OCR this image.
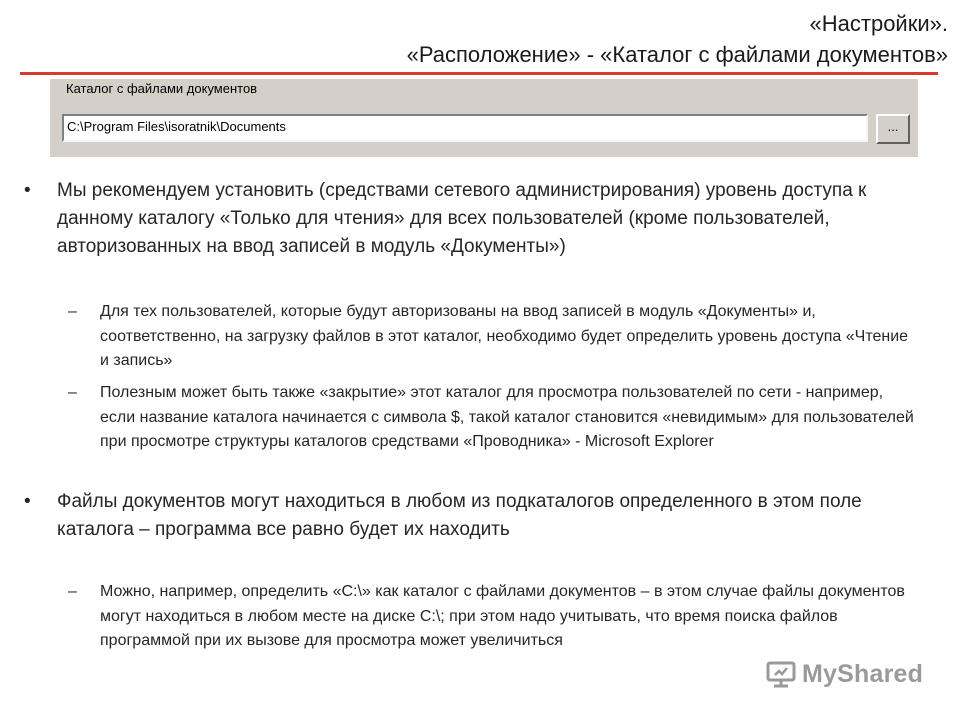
«Настройки».
«Расположение» - «Каталог с файлами документов»
Каталог с файлами документов
C:\Program Files\isoratnik\Documents	...
• Мы рекомендуем установить (средствами сетевого администрирования) уровень доступа к данному каталогу «Только для чтения» для всех пользователей (кроме пользователей, авторизованных на ввод записей в модуль «Документы»)
– Для тех пользователей, которые будут авторизованы на ввод записей в модуль «Документы» и, соответственно, на загрузку файлов в этот каталог, необходимо будет определить уровень доступа «Чтение и запись»
– Полезным может быть также «закрытие» этот каталог для просмотра пользователей по сети - например, если название каталога начинается с символа $, такой каталог становится «невидимым» для пользователей при просмотре структуры каталогов средствами «Проводника» - Microsoft Explorer
• Файлы документов могут находиться в любом из подкаталогов определенного в этом поле каталога – программа все равно будет их находить
– Можно, например, определить «C:\» как каталог с файлами документов – в этом случае файлы документов могут находиться в любом месте на диске C:\; при этом надо учитывать, что время поиска файлов программой при их вызове для просмотра может увеличиться
MyShared
